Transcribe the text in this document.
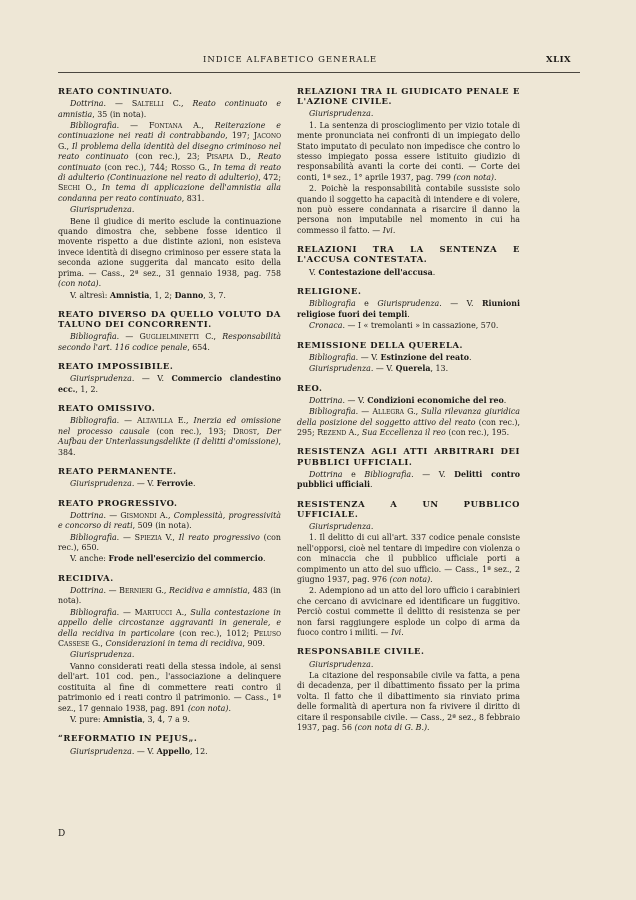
INDICE ALFABETICO GENERALE	XLIX
REATO CONTINUATO.
Dottrina. — Saltelli C., Reato continuato e amnistia, 35 (in nota).
Bibliografia. — Fontana A., Reiterazione e continuazione nei reati di contrabbando, 197; Jacono G., Il problema della identità del disegno criminoso nel reato continuato (con rec.), 23; Pisapia D., Reato continuato (con rec.), 744; Rosso G., In tema di reato di adulterio (Continuazione nel reato di adulterio), 472; Sechi O., In tema di applicazione dell'amnistia alla condanna per reato continuato, 831.
Giurisprudenza.
Bene il giudice di merito esclude la continuazione quando dimostra che, sebbene fosse identico il movente rispetto a due distinte azioni, non esisteva invece identità di disegno criminoso per essere stata la seconda azione suggerita dal mancato esito della prima. — Cass., 2ª sez., 31 gennaio 1938, pag. 758 (con nota).
V. altresì: Amnistia, 1, 2; Danno, 3, 7.
REATO DIVERSO DA QUELLO VOLUTO DA TALUNO DEI CONCORRENTI.
Bibliografia. — Guglielminetti C., Responsabilità secondo l'art. 116 codice penale, 654.
REATO IMPOSSIBILE.
Giurisprudenza. — V. Commercio clandestino ecc., 1, 2.
REATO OMISSIVO.
Bibliografia. — Altavilla E., Inerzia ed omissione nel processo causale (con rec.), 193; Drost, Der Aufbau der Unterlassungsdelikte (I delitti d'omissione), 384.
REATO PERMANENTE.
Giurisprudenza. — V. Ferrovie.
REATO PROGRESSIVO.
Dottrina. — Gismondi A., Complessità, progressività e concorso di reati, 509 (in nota).
Bibliografia. — Spiezia V., Il reato progressivo (con rec.), 650.
V. anche: Frode nell'esercizio del commercio.
RECIDIVA.
Dottrina. — Bernieri G., Recidiva e amnistia, 483 (in nota).
Bibliografia. — Martucci A., Sulla contestazione in appello delle circostanze aggravanti in generale, e della recidiva in particolare (con rec.), 1012; Peluso Cassese G., Considerazioni in tema di recidiva, 909.
Giurisprudenza.
Vanno considerati reati della stessa indole, ai sensi dell'art. 101 cod. pen., l'associazione a delinquere costituita al fine di commettere reati contro il patrimonio ed i reati contro il patrimonio. — Cass., 1ª sez., 17 gennaio 1938, pag. 891 (con nota).
V. pure: Amnistia, 3, 4, 7 a 9.
“REFORMATIO IN PEJUS„.
Giurisprudenza. — V. Appello, 12.
RELAZIONI TRA IL GIUDICATO PENALE E L'AZIONE CIVILE.
Giurisprudenza.
1. La sentenza di proscioglimento per vizio totale di mente pronunciata nei confronti di un impiegato dello Stato imputato di peculato non impedisce che contro lo stesso impiegato possa essere istituito giudizio di responsabilità avanti la corte dei conti. — Corte dei conti, 1ª sez., 1° aprile 1937, pag. 799 (con nota).
2. Poichè la responsabilità contabile sussiste solo quando il soggetto ha capacità di intendere e di volere, non può essere condannata a risarcire il danno la persona non imputabile nel momento in cui ha commesso il fatto. — Ivi.
RELAZIONI TRA LA SENTENZA E L'ACCUSA CONTESTATA.
V. Contestazione dell'accusa.
RELIGIONE.
Bibliografia e Giurisprudenza. — V. Riunioni religiose fuori dei templi.
Cronaca. — I « tremolanti » in cassazione, 570.
REMISSIONE DELLA QUERELA.
Bibliografia. — V. Estinzione del reato.
Giurisprudenza. — V. Querela, 13.
REO.
Dottrina. — V. Condizioni economiche del reo.
Bibliografia. — Allegra G., Sulla rilevanza giuridica della posizione del soggetto attivo del reato (con rec.), 295; Rezend A., Sua Eccellenza il reo (con rec.), 195.
RESISTENZA AGLI ATTI ARBITRARI DEI PUBBLICI UFFICIALI.
Dottrina e Bibliografia. — V. Delitti contro pubblici ufficiali.
RESISTENZA A UN PUBBLICO UFFICIALE.
Giurisprudenza.
1. Il delitto di cui all'art. 337 codice penale consiste nell'opporsi, cioè nel tentare di impedire con violenza o con minaccia che il pubblico ufficiale porti a compimento un atto del suo ufficio. — Cass., 1ª sez., 2 giugno 1937, pag. 976 (con nota).
2. Adempiono ad un atto del loro ufficio i carabinieri che cercano di avvicinare ed identificare un fuggitivo. Perciò costui commette il delitto di resistenza se per non farsi raggiungere esplode un colpo di arma da fuoco contro i militi. — Ivi.
RESPONSABILE CIVILE.
Giurisprudenza.
La citazione del responsabile civile va fatta, a pena di decadenza, per il dibattimento fissato per la prima volta. Il fatto che il dibattimento sia rinviato prima delle formalità di apertura non fa rivivere il diritto di citare il responsabile civile. — Cass., 2ª sez., 8 febbraio 1937, pag. 56 (con nota di G. B.).
D
